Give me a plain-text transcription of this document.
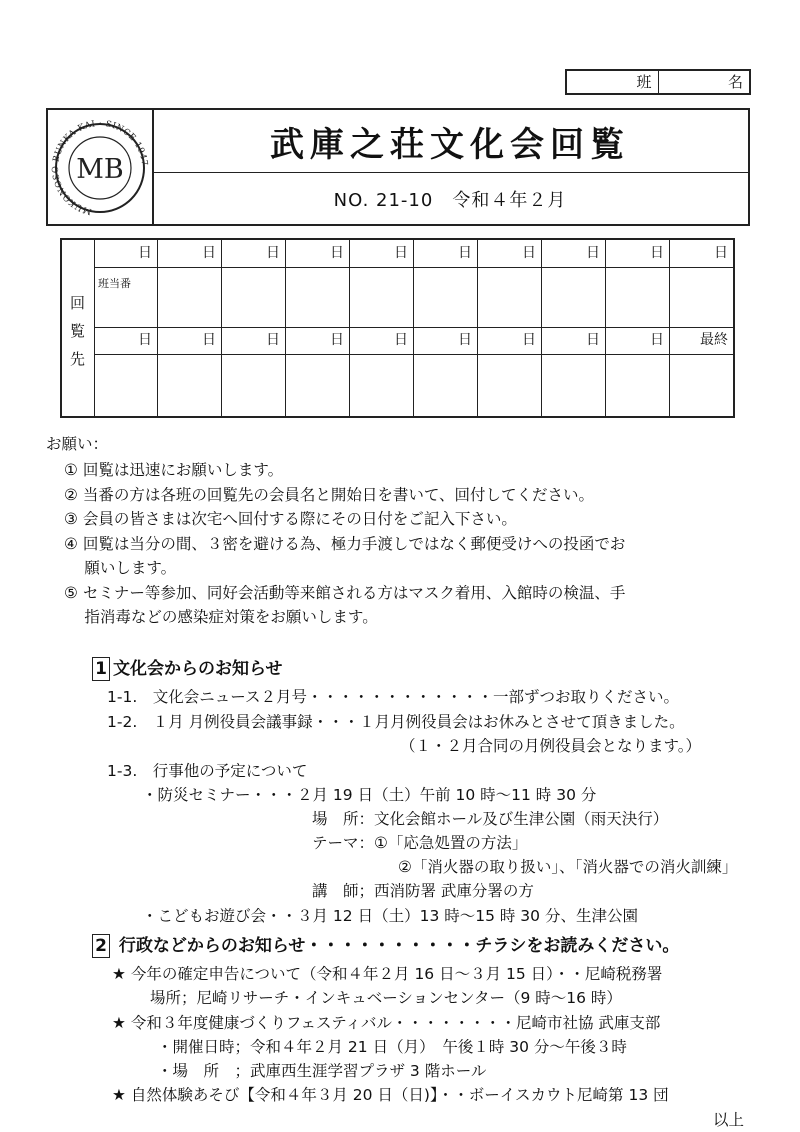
班	名
MUKONOSO BUNKA-KAI · SINCE 1947
MB
武庫之荘文化会回覧
NO. 21-10　令和４年２月
回
覧
先
日	日	日	日	日	日	日	日	日	日
班当番
日	日	日	日	日	日	日	日	日	最終
お願い：
① 回覧は迅速にお願いします。
② 当番の方は各班の回覧先の会員名と開始日を書いて、回付してください。
③ 会員の皆さまは次宅へ回付する際にその日付をご記入下さい。
④ 回覧は当分の間、３密を避ける為、極力手渡しではなく郵便受けへの投函でお
　 願いします。
⑤ セミナー等参加、同好会活動等来館される方はマスク着用、入館時の検温、手
　 指消毒などの感染症対策をお願いします。
1 文化会からのお知らせ
1-1.　文化会ニュース２月号・・・・・・・・・・・・一部ずつお取りください。
1-2.　１月 月例役員会議事録・・・１月月例役員会はお休みとさせて頂きました。
（１・２月合同の月例役員会となります。）
1-3.　行事他の予定について
・防災セミナー・・・２月 19 日（土）午前 10 時～11 時 30 分
場　所：文化会館ホール及び生津公園（雨天決行）
テーマ：①「応急処置の方法」
②「消火器の取り扱い」、「消火器での消火訓練」
講　師；西消防署 武庫分署の方
・こどもお遊び会・・３月 12 日（土）13 時～15 時 30 分、生津公園
2 行政などからのお知らせ・・・・・・・・・・チラシをお読みください。
★ 今年の確定申告について（令和４年２月 16 日～３月 15 日）・・尼崎税務署
場所；尼崎リサーチ・インキュベーションセンター（9 時～16 時）
★ 令和３年度健康づくりフェスティバル・・・・・・・・尼崎市社協 武庫支部
・開催日時；令和４年２月 21 日（月）　午後１時 30 分～午後３時
・場　所　；武庫西生涯学習プラザ 3 階ホール
★ 自然体験あそび【令和４年３月 20 日（日)】・・ボーイスカウト尼崎第 13 団
以上
